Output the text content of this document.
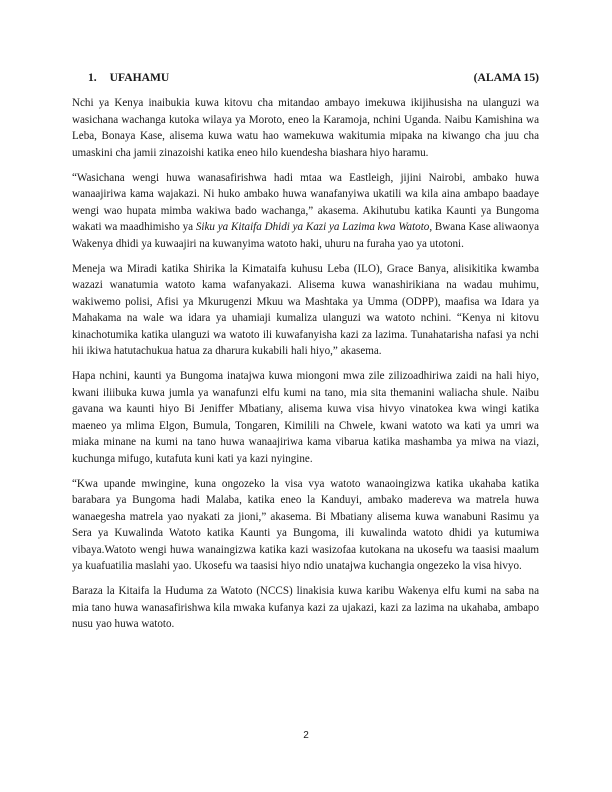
1. UFAHAMU	(ALAMA 15)

Nchi ya Kenya inaibukia kuwa kitovu cha mitandao ambayo imekuwa ikijihusisha na ulanguzi wa wasichana wachanga kutoka wilaya ya Moroto, eneo la Karamoja, nchini Uganda. Naibu Kamishina wa Leba, Bonaya Kase, alisema kuwa watu hao wamekuwa wakitumia mipaka na kiwango cha juu cha umaskini cha jamii zinazoishi katika eneo hilo kuendesha biashara hiyo haramu.

“Wasichana wengi huwa wanasafirishwa hadi mtaa wa Eastleigh, jijini Nairobi, ambako huwa wanaajiriwa kama wajakazi. Ni huko ambako huwa wanafanyiwa ukatili wa kila aina ambapo baadaye wengi wao hupata mimba wakiwa bado wachanga,” akasema. Akihutubu katika Kaunti ya Bungoma wakati wa maadhimisho ya Siku ya Kitaifa Dhidi ya Kazi ya Lazima kwa Watoto, Bwana Kase aliwaonya Wakenya dhidi ya kuwaajiri na kuwanyima watoto haki, uhuru na furaha yao ya utotoni.

Meneja wa Miradi katika Shirika la Kimataifa kuhusu Leba (ILO), Grace Banya, alisikitika kwamba wazazi wanatumia watoto kama wafanyakazi. Alisema kuwa wanashirikiana na wadau muhimu, wakiwemo polisi, Afisi ya Mkurugenzi Mkuu wa Mashtaka ya Umma (ODPP), maafisa wa Idara ya Mahakama na wale wa idara ya uhamiaji kumaliza ulanguzi wa watoto nchini. “Kenya ni kitovu kinachotumika katika ulanguzi wa watoto ili kuwafanyisha kazi za lazima. Tunahatarisha nafasi ya nchi hii ikiwa hatutachukua hatua za dharura kukabili hali hiyo,” akasema.

Hapa nchini, kaunti ya Bungoma inatajwa kuwa miongoni mwa zile zilizoadhiriwa zaidi na hali hiyo, kwani iliibuka kuwa jumla ya wanafunzi elfu kumi na tano, mia sita themanini waliacha shule. Naibu gavana wa kaunti hiyo Bi Jeniffer Mbatiany, alisema kuwa visa hivyo vinatokea kwa wingi katika maeneo ya mlima Elgon, Bumula, Tongaren, Kimilili na Chwele, kwani watoto wa kati ya umri wa miaka minane na kumi na tano huwa wanaajiriwa kama vibarua katika mashamba ya miwa na viazi, kuchunga mifugo, kutafuta kuni kati ya kazi nyingine.

“Kwa upande mwingine, kuna ongozeko la visa vya watoto wanaoingizwa katika ukahaba katika barabara ya Bungoma hadi Malaba, katika eneo la Kanduyi, ambako madereva wa matrela huwa wanaegesha matrela yao nyakati za jioni,” akasema. Bi Mbatiany alisema kuwa wanabuni Rasimu ya Sera ya Kuwalinda Watoto katika Kaunti ya Bungoma, ili kuwalinda watoto dhidi ya kutumiwa vibaya.Watoto wengi huwa wanaingizwa katika kazi wasizofaa kutokana na ukosefu wa taasisi maalum ya kuafuatilia maslahi yao. Ukosefu wa taasisi hiyo ndio unatajwa kuchangia ongezeko la visa hivyo.

Baraza la Kitaifa la Huduma za Watoto (NCCS) linakisia kuwa karibu Wakenya elfu kumi na saba na mia tano huwa wanasafirishwa kila mwaka kufanya kazi za ujakazi, kazi za lazima na ukahaba, ambapo nusu yao huwa watoto.

2
